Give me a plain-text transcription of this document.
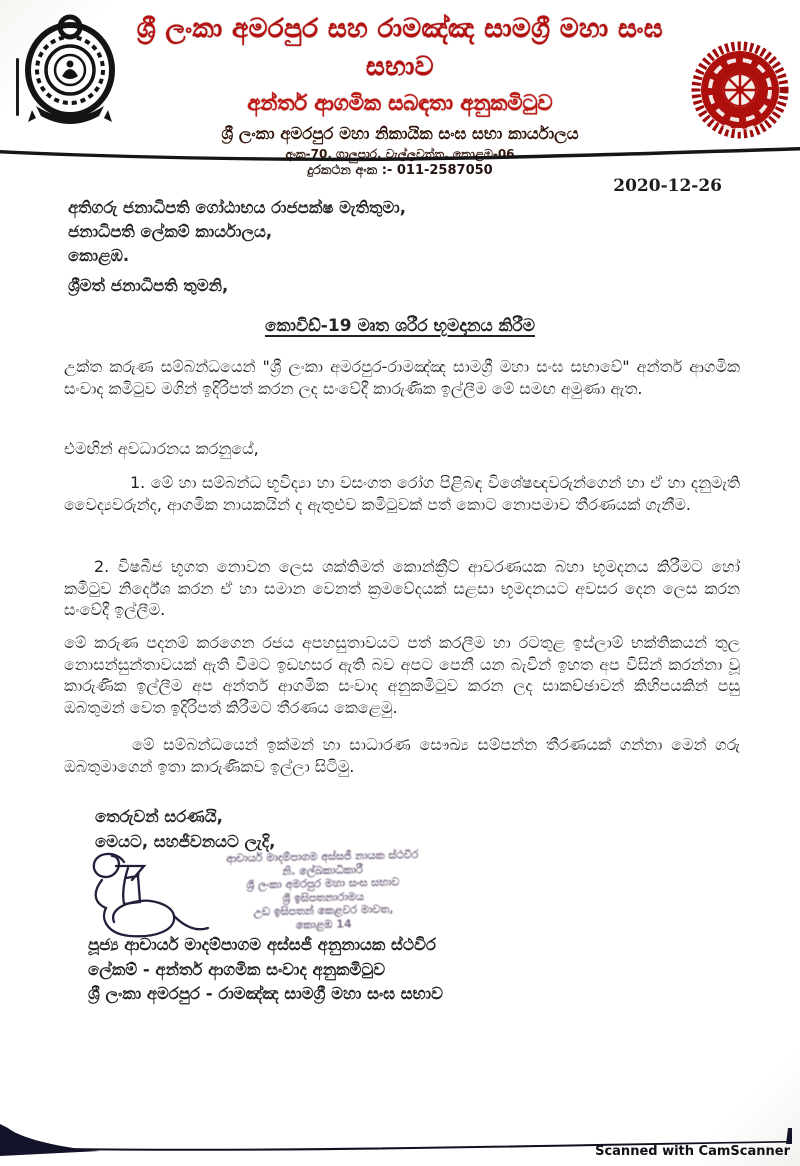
ශ්‍රී ලංකා අමරපුර සහ රාමඤ්ඤ සාමග්‍රී මහා සංඝ සභාව
අන්තර් ආගමික සබඳතා අනුකමිටුව
ශ්‍රී ලංකා අමරපුර මහා නිකායික සංඝ සභා කාර්යාලය
අංක-70, ගාලුපාර, වැල්ලවත්ත, කොළඹ-06
දුරකථන අංක :- 011-2587050
2020-12-26
අතිගරු ජනාධිපති ගෝඨාභය රාජපක්ෂ මැතිතුමා,
ජනාධිපති ලේකම් කාර්යාලය,
කොළඹ.
ශ්‍රීමත් ජනාධිපති තුමනි,
කොවිඩ්-19 මෘත ශරීර භූමදානය කිරීම
උක්ත කරුණ සම්බන්ධයෙන් "ශ්‍රී ලංකා අමරපුර-රාමඤ්ඤ සාමග්‍රී මහා සංඝ සභාවේ" අන්තර් ආගමික සංවාද කමිටුව මගින් ඉදිරිපත් කරන ලද සංවේදී කාරුණික ඉල්ලීම මේ සමඟ අමුණා ඇත.
එමඟින් අවධාරනය කරනුයේ,
1. මේ හා සම්බන්ධ භූවිද්‍යා හා වසංගත රෝග පිළිබඳ විශේෂඥවරුන්ගෙන් හා ඒ හා දනුමැති වෛද්‍යවරුන්ද, ආගමික නායකයින් ද ඇතුළුව කමිටුවක් පත් කොට නොපමාව තීරණයක් ගැනීම.
2. විෂබීජ භූගත නොවන ලෙස ශක්තිමත් කොන්ක්‍රීට් ආවරණයක බහා භූමදනය කිරීමට හෝ කමිටුව නිර්දේශ කරන ඒ හා සමාන වෙනත් ක්‍රමවේදයක් සළසා භූමදනයට අවසර දෙන ලෙස කරන සංවේදී ඉල්ලීම.
මේ කරුණ පදනම් කරගෙන රජය අපහසුතාවයට පත් කරලීම හා රටතුළ ඉස්ලාම් භක්තිකයන් තුල නොසන්සුන්තාවයක් ඇති වීමට ඉඩහසර ඇති බව අපට පෙනී යන බැවින් ඉහත අප විසින් කරන්නා වූ කාරුණික ඉල්ලීම අප අන්තර් ආගමික සංවාද අනුකමිටුව කරන ලද සාකච්ඡාවන් කිහිපයකින් පසු ඔබතුමන් වෙත ඉදිරිපත් කිරීමට තීරණය කෙළෙමු.
මේ සම්බන්ධයෙන් ඉක්මන් හා සාධාරණ සෞඛ්‍ය සම්පන්න තීරණයක් ගන්නා මෙන් ගරු ඔබතුමාගෙන් ඉතා කාරුණිකව ඉල්ලා සිටිමු.
තෙරුවන් සරණයි,
මෙයට, සහජීවනයට ලැදි,
ආචාර්ය මාදම්පාගම අස්සජී නායක ස්ථවිර
නි. ලේඛකාධිකාරී
ශ්‍රී ලංකා අමරපුර මහා සංඝ සභාව
ශ්‍රී ඉසිපතනාරාමය
උඩ ඉසිපතන් කෙළවර මාවත,
කොළඹ 14
පූජ්‍ය ආචාර්ය මාදම්පාගම අස්සජී අනුනායක ස්ථවිර
ලේකම් - අන්තර් ආගමික සංවාද අනුකමිටුව
ශ්‍රී ලංකා අමරපුර - රාමඤ්ඤ සාමග්‍රී මහා සංඝ සභාව
Scanned with CamScanner
